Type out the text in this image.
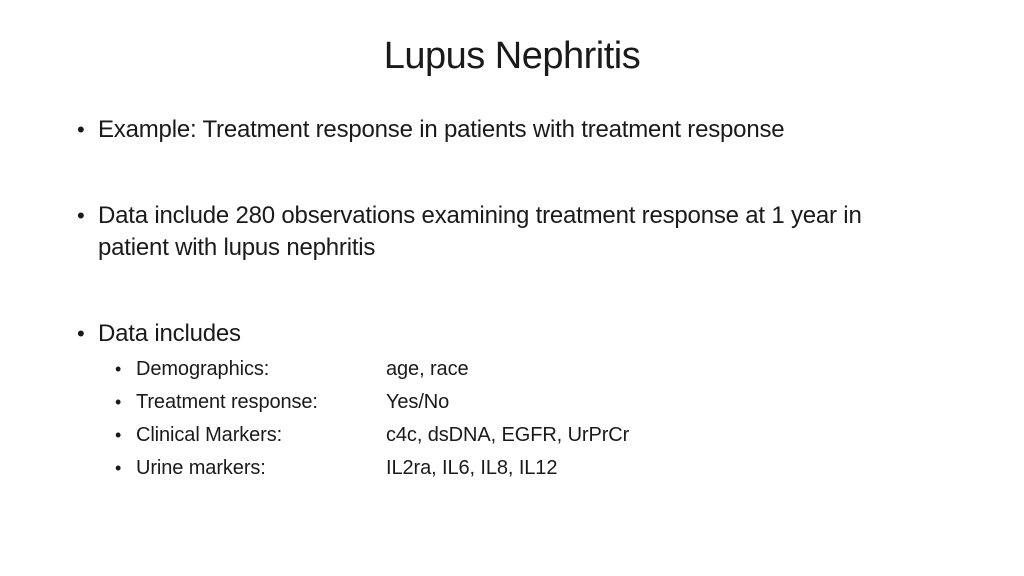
Lupus Nephritis
• Example: Treatment response in patients with treatment response
• Data include 280 observations examining treatment response at 1 year in patient with lupus nephritis
• Data includes
• Demographics:	age, race
• Treatment response:	Yes/No
• Clinical Markers:	c4c, dsDNA, EGFR, UrPrCr
• Urine markers:	IL2ra, IL6, IL8, IL12
